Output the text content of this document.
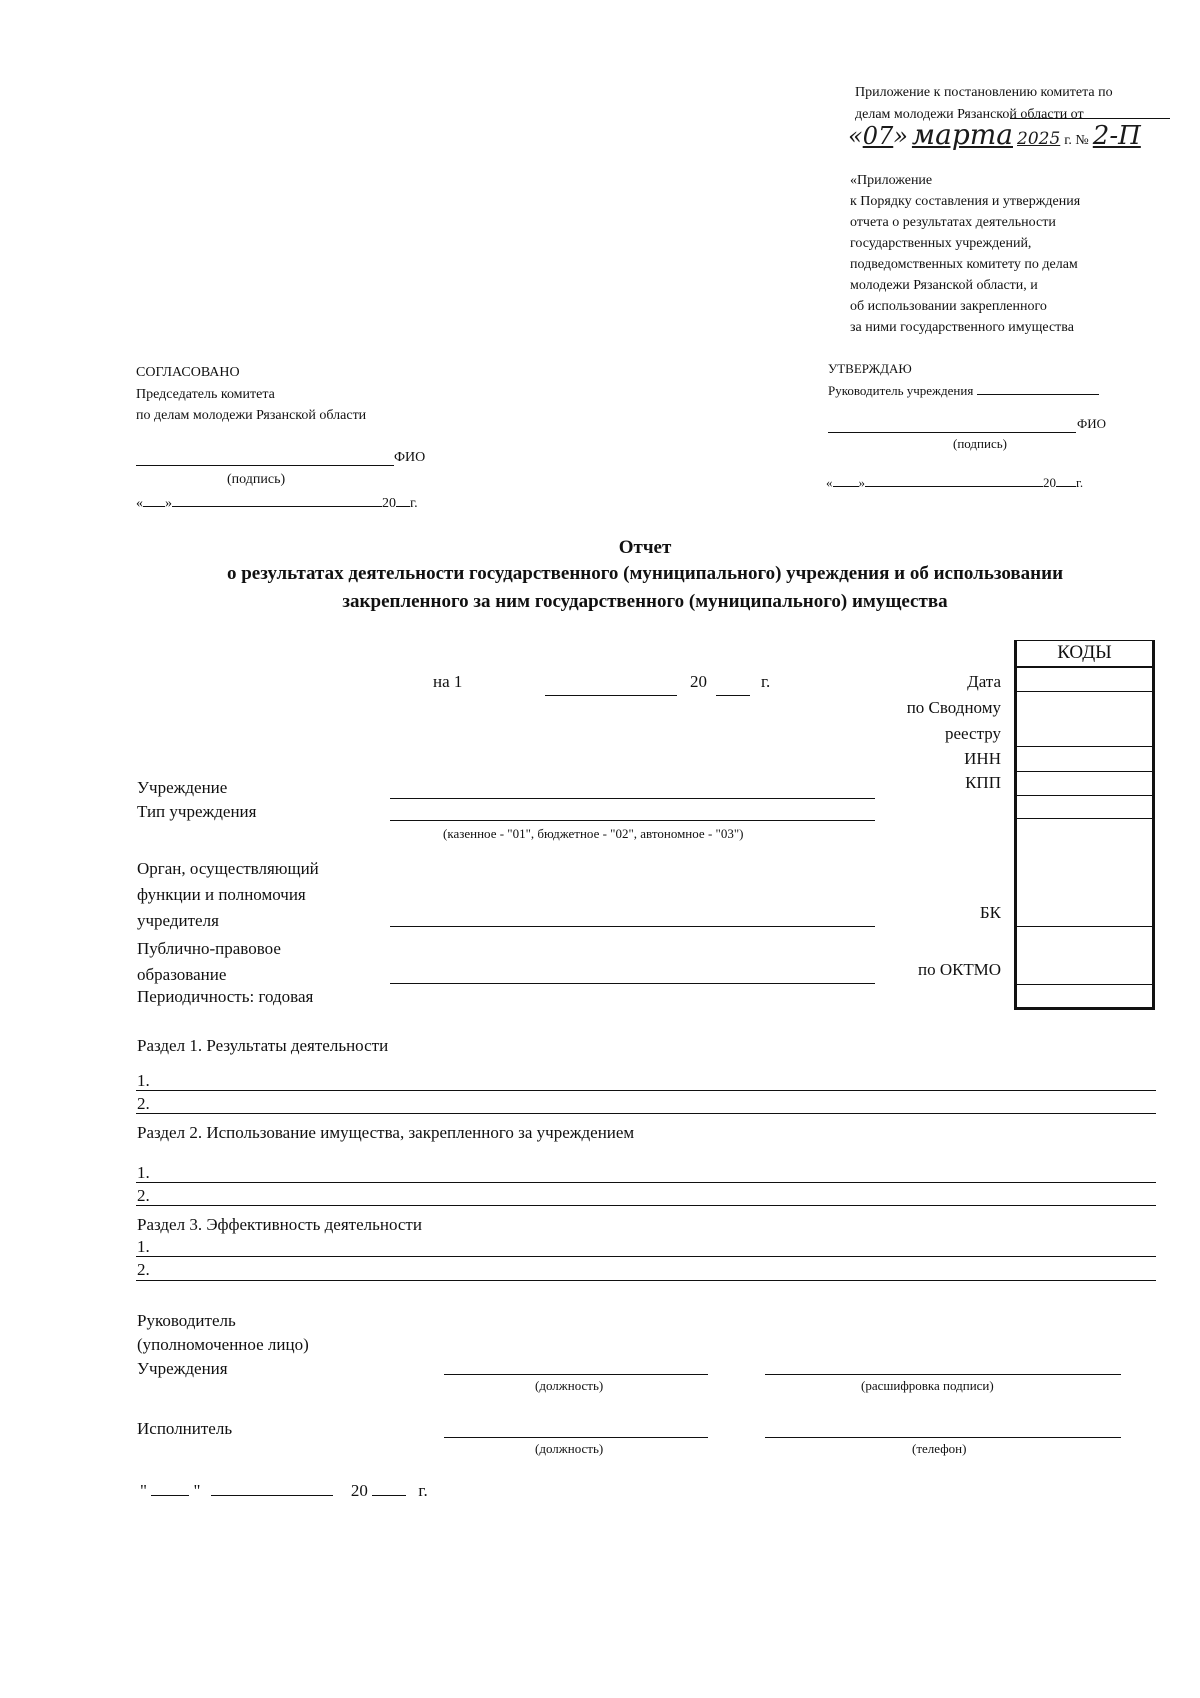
Приложение к постановлению комитета по
делам молодежи Рязанской области от
«07» марта 2025 г. № 2-П
«Приложение
к Порядку составления и утверждения
отчета о результатах деятельности
государственных учреждений,
подведомственных комитету по делам
молодежи Рязанской области, и
об использовании закрепленного
за ними государственного имущества
СОГЛАСОВАНО
Председатель комитета
по делам молодежи Рязанской области
ФИО
(подпись)
« »	20 г.
УТВЕРЖДАЮ
Руководитель учреждения
ФИО
(подпись)
« »	20 г.
Отчет
о результатах деятельности государственного (муниципального) учреждения и об использовании
закрепленного за ним государственного (муниципального) имущества
КОДЫ
Дата
по Сводному
реестру
ИНН
КПП
БК
по ОКТМО
на 1	20	г.
Учреждение
Тип учреждения
(казенное - "01", бюджетное - "02", автономное - "03")
Орган, осуществляющий
функции и полномочия
учредителя
Публично-правовое
образование
Периодичность: годовая
Раздел 1. Результаты деятельности
1.
2.
Раздел 2. Использование имущества, закрепленного за учреждением
1.
2.
Раздел 3. Эффективность деятельности
1.
2.
Руководитель
(уполномоченное лицо)
Учреждения
(должность)	(расшифровка подписи)
Исполнитель
(должность)	(телефон)
"	"	20	г.
